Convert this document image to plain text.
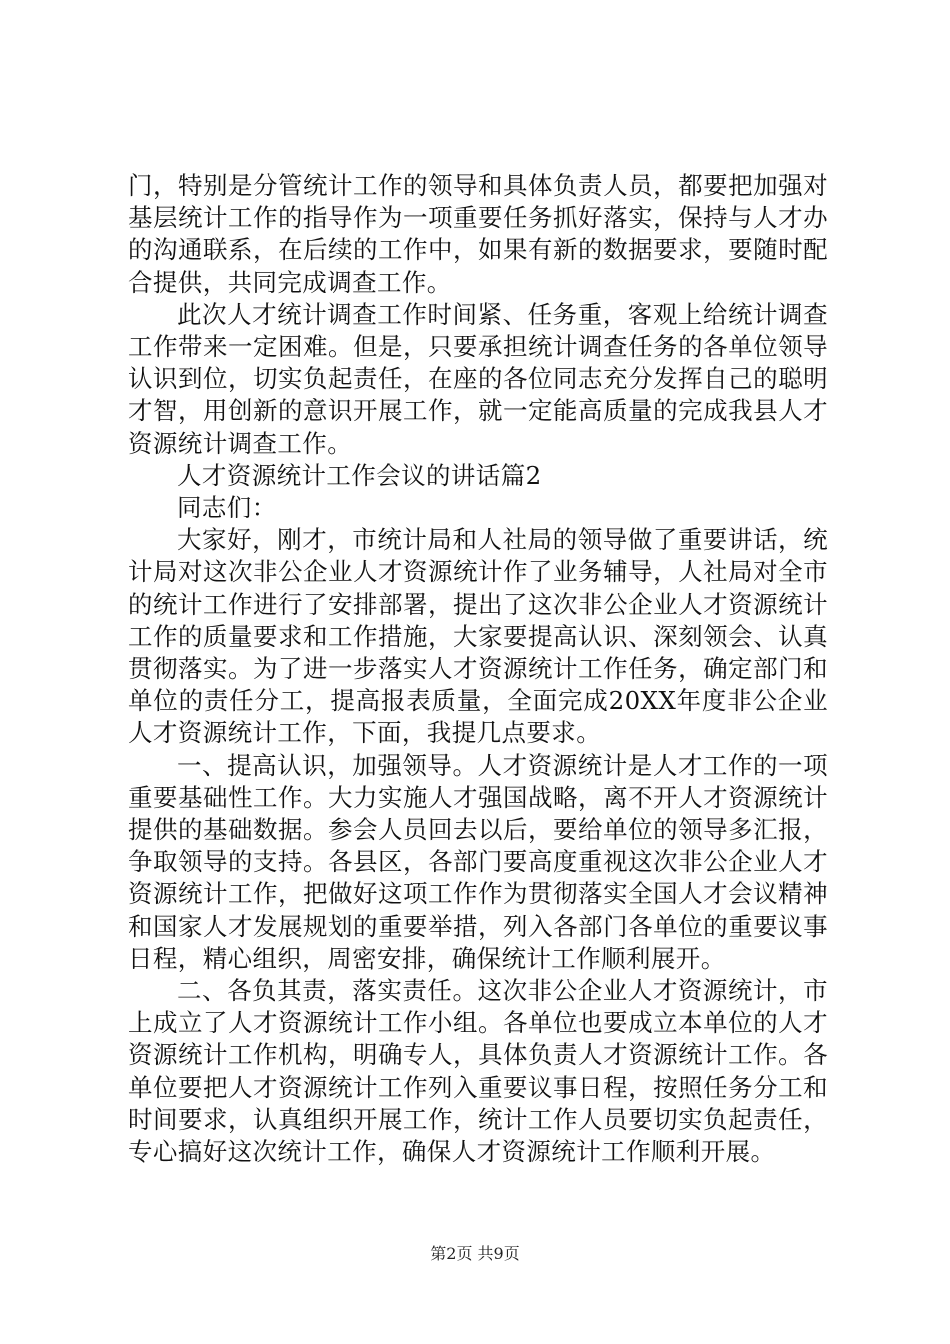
门，特别是分管统计工作的领导和具体负责人员，都要把加强对基层统计工作的指导作为一项重要任务抓好落实，保持与人才办的沟通联系，在后续的工作中，如果有新的数据要求，要随时配合提供，共同完成调查工作。

此次人才统计调查工作时间紧、任务重，客观上给统计调查工作带来一定困难。但是，只要承担统计调查任务的各单位领导认识到位，切实负起责任，在座的各位同志充分发挥自己的聪明才智，用创新的意识开展工作，就一定能高质量的完成我县人才资源统计调查工作。

人才资源统计工作会议的讲话篇2

同志们：

大家好，刚才，市统计局和人社局的领导做了重要讲话，统计局对这次非公企业人才资源统计作了业务辅导，人社局对全市的统计工作进行了安排部署，提出了这次非公企业人才资源统计工作的质量要求和工作措施，大家要提高认识、深刻领会、认真贯彻落实。为了进一步落实人才资源统计工作任务，确定部门和单位的责任分工，提高报表质量，全面完成20XX年度非公企业人才资源统计工作，下面，我提几点要求。

一、提高认识，加强领导。人才资源统计是人才工作的一项重要基础性工作。大力实施人才强国战略，离不开人才资源统计提供的基础数据。参会人员回去以后，要给单位的领导多汇报，争取领导的支持。各县区，各部门要高度重视这次非公企业人才资源统计工作，把做好这项工作作为贯彻落实全国人才会议精神和国家人才发展规划的重要举措，列入各部门各单位的重要议事日程，精心组织，周密安排，确保统计工作顺利展开。

二、各负其责，落实责任。这次非公企业人才资源统计，市上成立了人才资源统计工作小组。各单位也要成立本单位的人才资源统计工作机构，明确专人，具体负责人才资源统计工作。各单位要把人才资源统计工作列入重要议事日程，按照任务分工和时间要求，认真组织开展工作，统计工作人员要切实负起责任，专心搞好这次统计工作，确保人才资源统计工作顺利开展。

第2页 共9页
